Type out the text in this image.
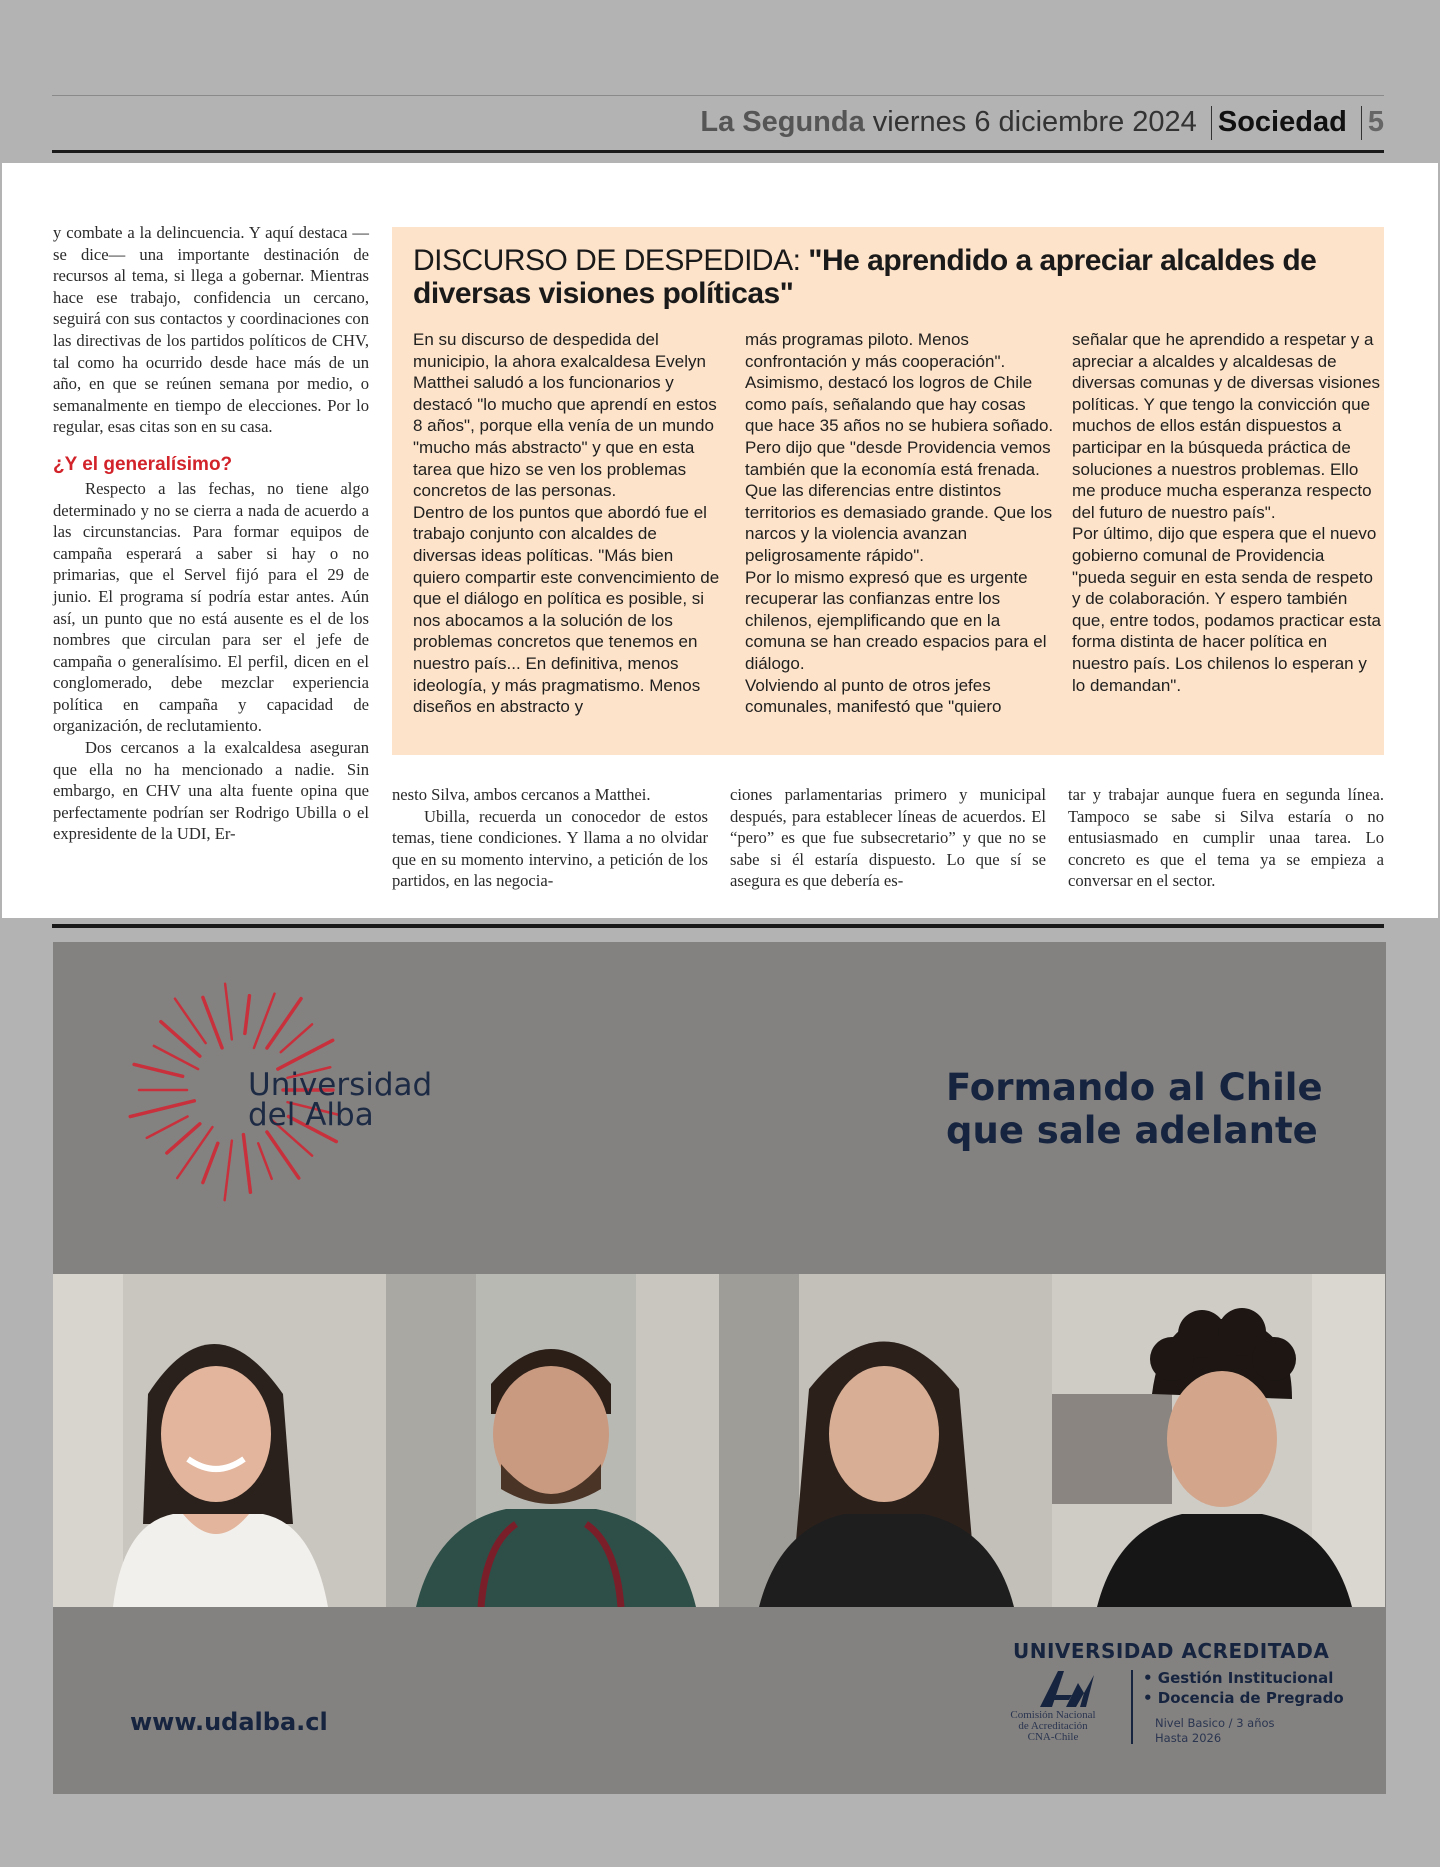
La Segunda viernes 6 diciembre 2024 Sociedad 5

y combate a la delincuencia. Y aquí destaca —se dice— una importante destinación de recursos al tema, si llega a gobernar. Mientras hace ese trabajo, confidencia un cercano, seguirá con sus contactos y coordinaciones con las directivas de los partidos políticos de CHV, tal como ha ocurrido desde hace más de un año, en que se reúnen semana por medio, o semanalmente en tiempo de elecciones. Por lo regular, esas citas son en su casa.

¿Y el generalísimo?

Respecto a las fechas, no tiene algo determinado y no se cierra a nada de acuerdo a las circunstancias. Para formar equipos de campaña esperará a saber si hay o no primarias, que el Servel fijó para el 29 de junio. El programa sí podría estar antes. Aún así, un punto que no está ausente es el de los nombres que circulan para ser el jefe de campaña o generalísimo. El perfil, dicen en el conglomerado, debe mezclar experiencia política en campaña y capacidad de organización, de reclutamiento.

Dos cercanos a la exalcaldesa aseguran que ella no ha mencionado a nadie. Sin embargo, en CHV una alta fuente opina que perfectamente podrían ser Rodrigo Ubilla o el expresidente de la UDI, Er-

DISCURSO DE DESPEDIDA: "He aprendido a apreciar alcaldes de diversas visiones políticas"

En su discurso de despedida del municipio, la ahora exalcaldesa Evelyn Matthei saludó a los funcionarios y destacó "lo mucho que aprendí en estos 8 años", porque ella venía de un mundo "mucho más abstracto" y que en esta tarea que hizo se ven los problemas concretos de las personas.

Dentro de los puntos que abordó fue el trabajo conjunto con alcaldes de diversas ideas políticas. "Más bien quiero compartir este convencimiento de que el diálogo en política es posible, si nos abocamos a la solución de los problemas concretos que tenemos en nuestro país... En definitiva, menos ideología, y más pragmatismo. Menos diseños en abstracto y

más programas piloto. Menos confrontación y más cooperación".

Asimismo, destacó los logros de Chile como país, señalando que hay cosas que hace 35 años no se hubiera soñado. Pero dijo que "desde Providencia vemos también que la economía está frenada. Que las diferencias entre distintos territorios es demasiado grande. Que los narcos y la violencia avanzan peligrosamente rápido".

Por lo mismo expresó que es urgente recuperar las confianzas entre los chilenos, ejemplificando que en la comuna se han creado espacios para el diálogo.

Volviendo al punto de otros jefes comunales, manifestó que "quiero

señalar que he aprendido a respetar y a apreciar a alcaldes y alcaldesas de diversas comunas y de diversas visiones políticas. Y que tengo la convicción que muchos de ellos están dispuestos a participar en la búsqueda práctica de soluciones a nuestros problemas. Ello me produce mucha esperanza respecto del futuro de nuestro país".

Por último, dijo que espera que el nuevo gobierno comunal de Providencia "pueda seguir en esta senda de respeto y de colaboración. Y espero también que, entre todos, podamos practicar esta forma distinta de hacer política en nuestro país. Los chilenos lo esperan y lo demandan".

nesto Silva, ambos cercanos a Matthei.

Ubilla, recuerda un conocedor de estos temas, tiene condiciones. Y llama a no olvidar que en su momento intervino, a petición de los partidos, en las negocia-

ciones parlamentarias primero y municipal después, para establecer líneas de acuerdos. El “pero” es que fue subsecretario” y que no se sabe si él estaría dispuesto. Lo que sí se asegura es que debería es-

tar y trabajar aunque fuera en segunda línea. Tampoco se sabe si Silva estaría o no entusiasmado en cumplir unaa tarea. Lo concreto es que el tema ya se empieza a conversar en el sector.

Universidad
del Alba
Formando al Chile
que sale adelante
www.udalba.cl
UNIVERSIDAD ACREDITADA
Comisión Nacional
de Acreditación
CNA-Chile
• Gestión Institucional
• Docencia de Pregrado
Nivel Basico / 3 años
Hasta 2026
